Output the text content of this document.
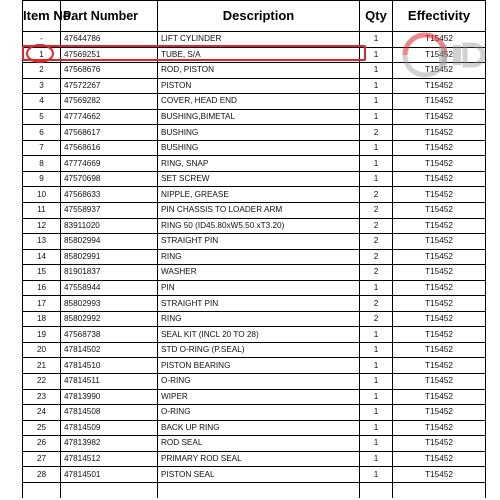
Item No.	Part Number	Description	Qty	Effectivity
-	47644786	LIFT CYLINDER	1	T15452
1	47569251	TUBE, S/A	1	T15452
2	47568676	ROD, PISTON	1	T15452
3	47572267	PISTON	1	T15452
4	47569282	COVER, HEAD END	1	T15452
5	47774662	BUSHING,BIMETAL	1	T15452
6	47568617	BUSHING	2	T15452
7	47568616	BUSHING	1	T15452
8	47774669	RING, SNAP	1	T15452
9	47570698	SET SCREW	1	T15452
10	47568633	NIPPLE, GREASE	2	T15452
11	47558937	PIN CHASSIS TO LOADER ARM	2	T15452
12	83911020	RING 50 (ID45.80xW5.50 xT3.20)	2	T15452
13	85802994	STRAIGHT PIN	2	T15452
14	85802991	RING	2	T15452
15	81901837	WASHER	2	T15452
16	47558944	PIN	1	T15452
17	85802993	STRAIGHT PIN	2	T15452
18	85802992	RING	2	T15452
19	47568738	SEAL KIT (INCL 20 TO 28)	1	T15452
20	47814502	STD O-RING (P.SEAL)	1	T15452
21	47814510	PISTON BEARING	1	T15452
22	47814511	O-RING	1	T15452
23	47813990	WIPER	1	T15452
24	47814508	O-RING	1	T15452
25	47814509	BACK UP RING	1	T15452
26	47813982	ROD SEAL	1	T15452
27	47814512	PRIMARY ROD SEAL	1	T15452
28	47814501	PISTON SEAL	1	T15452
